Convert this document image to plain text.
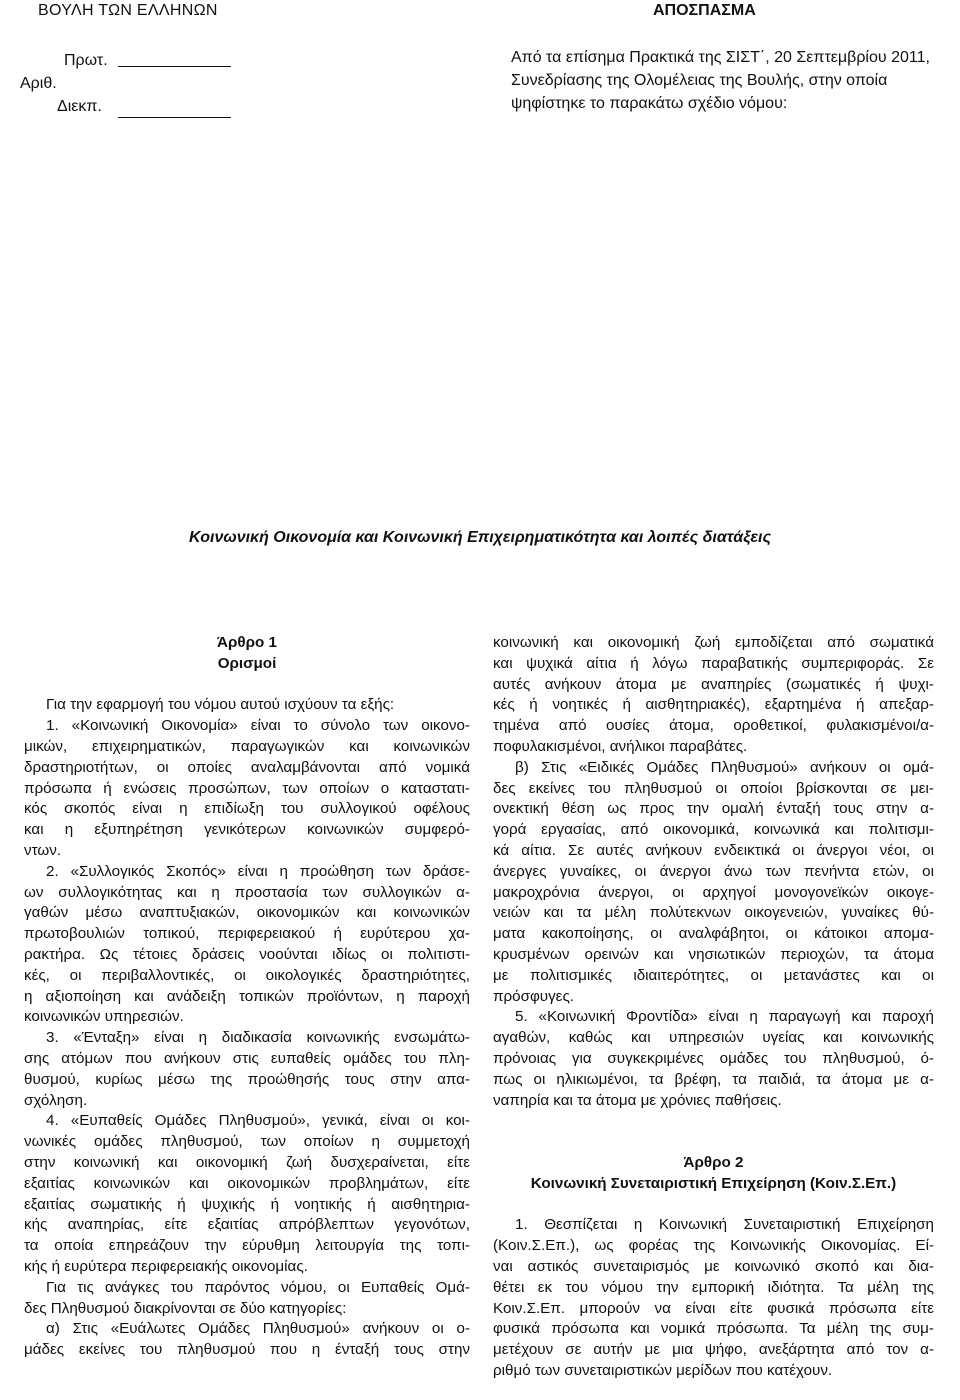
ΒΟΥΛΗ ΤΩΝ ΕΛΛΗΝΩΝ	ΑΠΟΣΠΑΣΜΑ
Πρωτ.
Αριθ.
Διεκπ.
Από τα επίσημα Πρακτικά της ΣΙΣΤ΄, 20 Σεπτεμβρίου 2011,
Συνεδρίασης της Ολομέλειας της Βουλής, στην οποία
ψηφίστηκε το παρακάτω σχέδιο νόμου:
Κοινωνική Οικονομία και Κοινωνική Επιχειρηματικότητα και λοιπές διατάξεις
Άρθρο 1
Ορισμοί
Για την εφαρμογή του νόμου αυτού ισχύουν τα εξής:
1. «Κοινωνική Οικονομία» είναι το σύνολο των οικονο-
μικών, επιχειρηματικών, παραγωγικών και κοινωνικών
δραστηριοτήτων, οι οποίες αναλαμβάνονται από νομικά
πρόσωπα ή ενώσεις προσώπων, των οποίων ο καταστατι-
κός σκοπός είναι η επιδίωξη του συλλογικού οφέλους
και η εξυπηρέτηση γενικότερων κοινωνικών συμφερό-
ντων.
2. «Συλλογικός Σκοπός» είναι η προώθηση των δράσε-
ων συλλογικότητας και η προστασία των συλλογικών α-
γαθών μέσω αναπτυξιακών, οικονομικών και κοινωνικών
πρωτοβουλιών τοπικού, περιφερειακού ή ευρύτερου χα-
ρακτήρα. Ως τέτοιες δράσεις νοούνται ιδίως οι πολιτιστι-
κές, οι περιβαλλοντικές, οι οικολογικές δραστηριότητες,
η αξιοποίηση και ανάδειξη τοπικών προϊόντων, η παροχή
κοινωνικών υπηρεσιών.
3. «Ένταξη» είναι η διαδικασία κοινωνικής ενσωμάτω-
σης ατόμων που ανήκουν στις ευπαθείς ομάδες του πλη-
θυσμού, κυρίως μέσω της προώθησής τους στην απα-
σχόληση.
4. «Ευπαθείς Ομάδες Πληθυσμού», γενικά, είναι οι κοι-
νωνικές ομάδες πληθυσμού, των οποίων η συμμετοχή
στην κοινωνική και οικονομική ζωή δυσχεραίνεται, είτε
εξαιτίας κοινωνικών και οικονομικών προβλημάτων, είτε
εξαιτίας σωματικής ή ψυχικής ή νοητικής ή αισθητηρια-
κής αναπηρίας, είτε εξαιτίας απρόβλεπτων γεγονότων,
τα οποία επηρεάζουν την εύρυθμη λειτουργία της τοπι-
κής ή ευρύτερα περιφερειακής οικονομίας.
Για τις ανάγκες του παρόντος νόμου, οι Ευπαθείς Ομά-
δες Πληθυσμού διακρίνονται σε δύο κατηγορίες:
α) Στις «Ευάλωτες Ομάδες Πληθυσμού» ανήκουν οι ο-
μάδες εκείνες του πληθυσμού που η ένταξή τους στην
κοινωνική και οικονομική ζωή εμποδίζεται από σωματικά
και ψυχικά αίτια ή λόγω παραβατικής συμπεριφοράς. Σε
αυτές ανήκουν άτομα με αναπηρίες (σωματικές ή ψυχι-
κές ή νοητικές ή αισθητηριακές), εξαρτημένα ή απεξαρ-
τημένα από ουσίες άτομα, οροθετικοί, φυλακισμένοι/α-
ποφυλακισμένοι, ανήλικοι παραβάτες.
β) Στις «Ειδικές Ομάδες Πληθυσμού» ανήκουν οι ομά-
δες εκείνες του πληθυσμού οι οποίοι βρίσκονται σε μει-
ονεκτική θέση ως προς την ομαλή ένταξή τους στην α-
γορά εργασίας, από οικονομικά, κοινωνικά και πολιτισμι-
κά αίτια. Σε αυτές ανήκουν ενδεικτικά οι άνεργοι νέοι, οι
άνεργες γυναίκες, οι άνεργοι άνω των πενήντα ετών, οι
μακροχρόνια άνεργοι, οι αρχηγοί μονογονεϊκών οικογε-
νειών και τα μέλη πολύτεκνων οικογενειών, γυναίκες θύ-
ματα κακοποίησης, οι αναλφάβητοι, οι κάτοικοι απομα-
κρυσμένων ορεινών και νησιωτικών περιοχών, τα άτομα
με πολιτισμικές ιδιαιτερότητες, οι μετανάστες και οι
πρόσφυγες.
5. «Κοινωνική Φροντίδα» είναι η παραγωγή και παροχή
αγαθών, καθώς και υπηρεσιών υγείας και κοινωνικής
πρόνοιας για συγκεκριμένες ομάδες του πληθυσμού, ό-
πως οι ηλικιωμένοι, τα βρέφη, τα παιδιά, τα άτομα με α-
ναπηρία και τα άτομα με χρόνιες παθήσεις.
Άρθρο 2
Κοινωνική Συνεταιριστική Επιχείρηση (Κοιν.Σ.Επ.)
1. Θεσπίζεται η Κοινωνική Συνεταιριστική Επιχείρηση
(Κοιν.Σ.Επ.), ως φορέας της Κοινωνικής Οικονομίας. Εί-
ναι αστικός συνεταιρισμός με κοινωνικό σκοπό και δια-
θέτει εκ του νόμου την εμπορική ιδιότητα. Τα μέλη της
Κοιν.Σ.Επ. μπορούν να είναι είτε φυσικά πρόσωπα είτε
φυσικά πρόσωπα και νομικά πρόσωπα. Τα μέλη της συμ-
μετέχουν σε αυτήν με μια ψήφο, ανεξάρτητα από τον α-
ριθμό των συνεταιριστικών μερίδων που κατέχουν.
